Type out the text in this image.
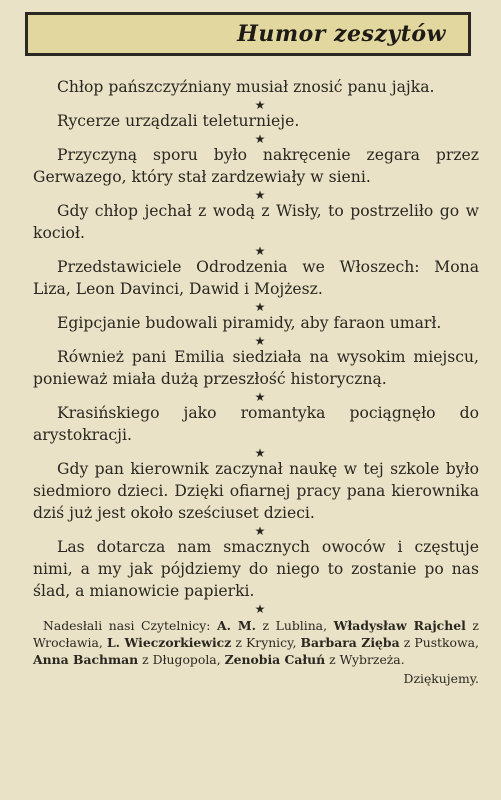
Humor zeszytów

Chłop pańszczyźniany musiał znosić panu jajka.

★

Rycerze urządzali teleturnieje.

★

Przyczyną sporu było nakręcenie zegara przez Gerwazego, który stał zardzewiały w sieni.

★

Gdy chłop jechał z wodą z Wisły, to postrzeliło go w kocioł.

★

Przedstawiciele Odrodzenia we Włoszech: Mona Liza, Leon Davinci, Dawid i Mojżesz.

★

Egipcjanie budowali piramidy, aby faraon umarł.

★

Również pani Emilia siedziała na wysokim miejscu, ponieważ miała dużą przeszłość historyczną.

★

Krasińskiego jako romantyka pociągnęło do arystokracji.

★

Gdy pan kierownik zaczynał naukę w tej szkole było siedmioro dzieci. Dzięki ofiarnej pracy pana kierownika dziś już jest około sześciuset dzieci.

★

Las dotarcza nam smacznych owoców i częstuje nimi, a my jak pójdziemy do niego to zostanie po nas ślad, a mianowicie papierki.

★

Nadesłali nasi Czytelnicy: A. M. z Lublina, Władysław Rajchel z Wrocławia, L. Wieczorkiewicz z Krynicy, Barbara Zięba z Pustkowa, Anna Bachman z Długopola, Zenobia Całuń z Wybrzeża.

Dziękujemy.
